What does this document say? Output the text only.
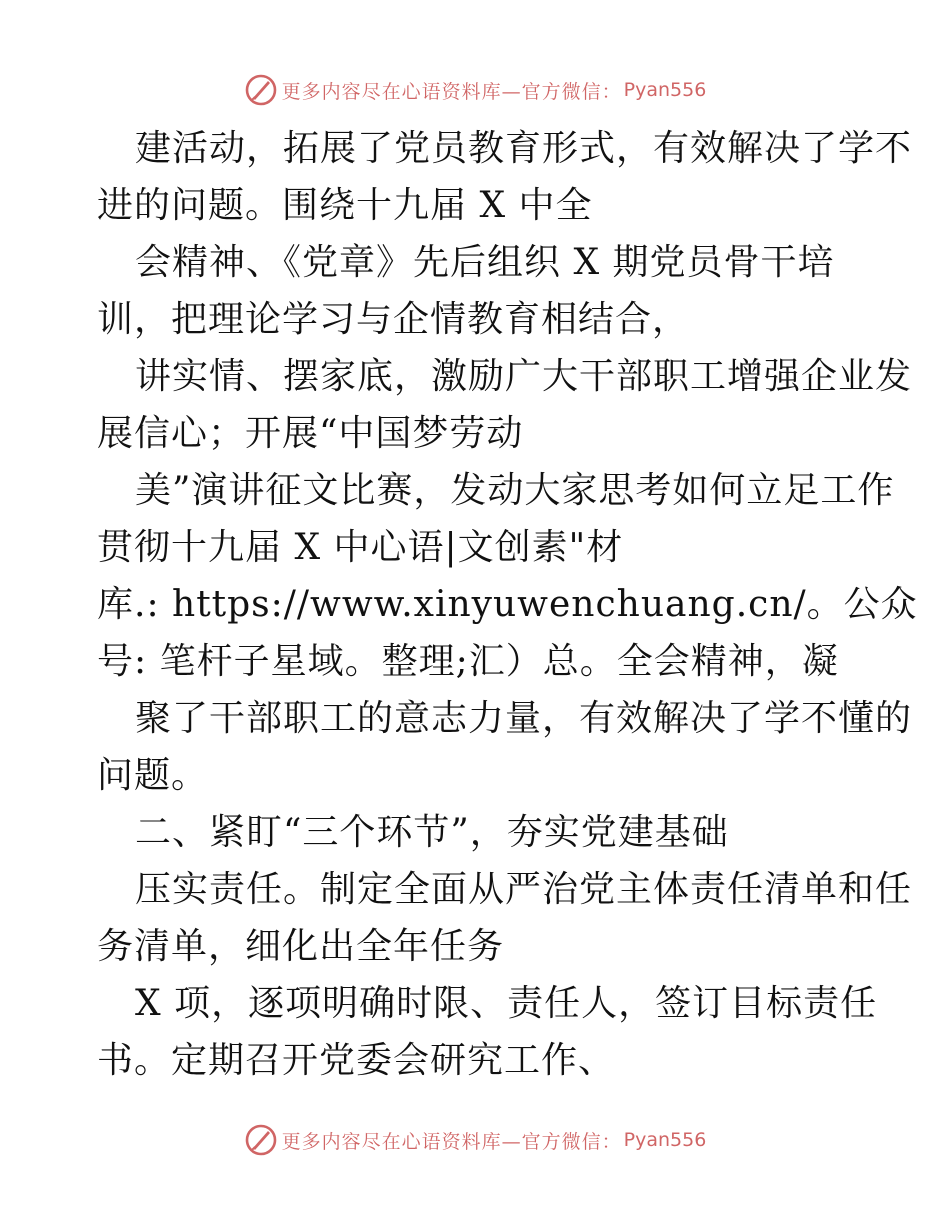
更多内容尽在心语资料库—官方微信： Pyan556
建活动，拓展了党员教育形式，有效解决了学不
进的问题。围绕十九届 X 中全
会精神、《党章》先后组织 X 期党员骨干培
训，把理论学习与企情教育相结合，
讲实情、摆家底，激励广大干部职工增强企业发
展信心；开展“中国梦劳动
美”演讲征文比赛，发动大家思考如何立足工作
贯彻十九届 X 中心语|文创素"材
库.: https://www.xinyuwenchuang.cn/。公众
号: 笔杆子星域。整理;汇）总。全会精神，凝
聚了干部职工的意志力量，有效解决了学不懂的
问题。
二、紧盯“三个环节”，夯实党建基础
压实责任。制定全面从严治党主体责任清单和任
务清单，细化出全年任务
X 项，逐项明确时限、责任人，签订目标责任
书。定期召开党委会研究工作、
更多内容尽在心语资料库—官方微信： Pyan556
